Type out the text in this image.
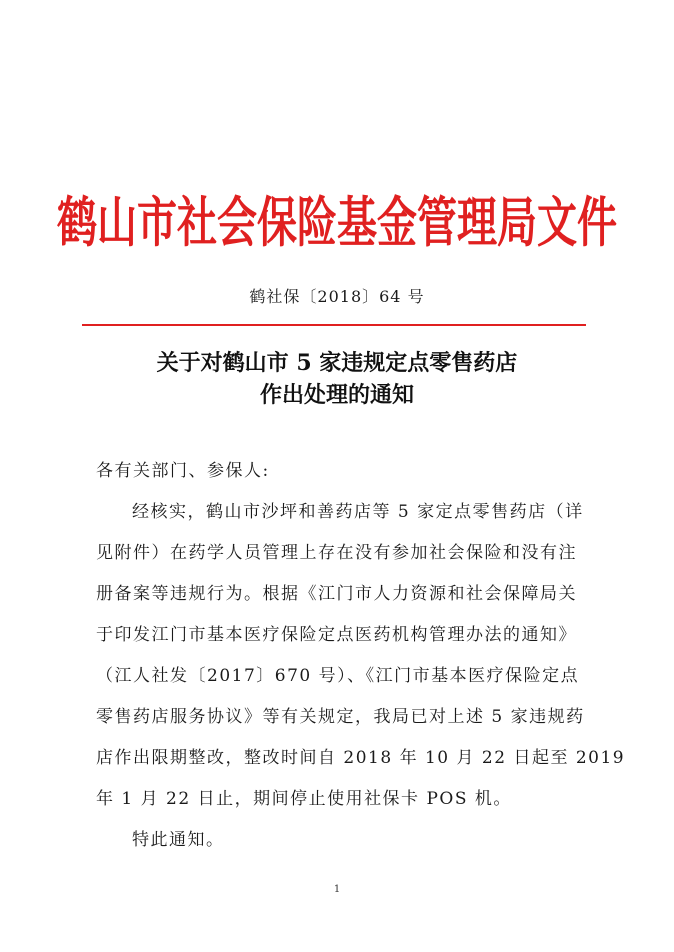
鹤山市社会保险基金管理局文件
鹤社保〔2018〕64 号
关于对鹤山市 5 家违规定点零售药店
作出处理的通知
各有关部门、参保人:
经核实，鹤山市沙坪和善药店等 5 家定点零售药店（详
见附件）在药学人员管理上存在没有参加社会保险和没有注
册备案等违规行为。根据《江门市人力资源和社会保障局关
于印发江门市基本医疗保险定点医药机构管理办法的通知》
（江人社发〔2017〕670 号）、《江门市基本医疗保险定点
零售药店服务协议》等有关规定，我局已对上述 5 家违规药
店作出限期整改，整改时间自 2018 年 10 月 22 日起至 2019
年 1 月 22 日止，期间停止使用社保卡 POS 机。
特此通知。
1
